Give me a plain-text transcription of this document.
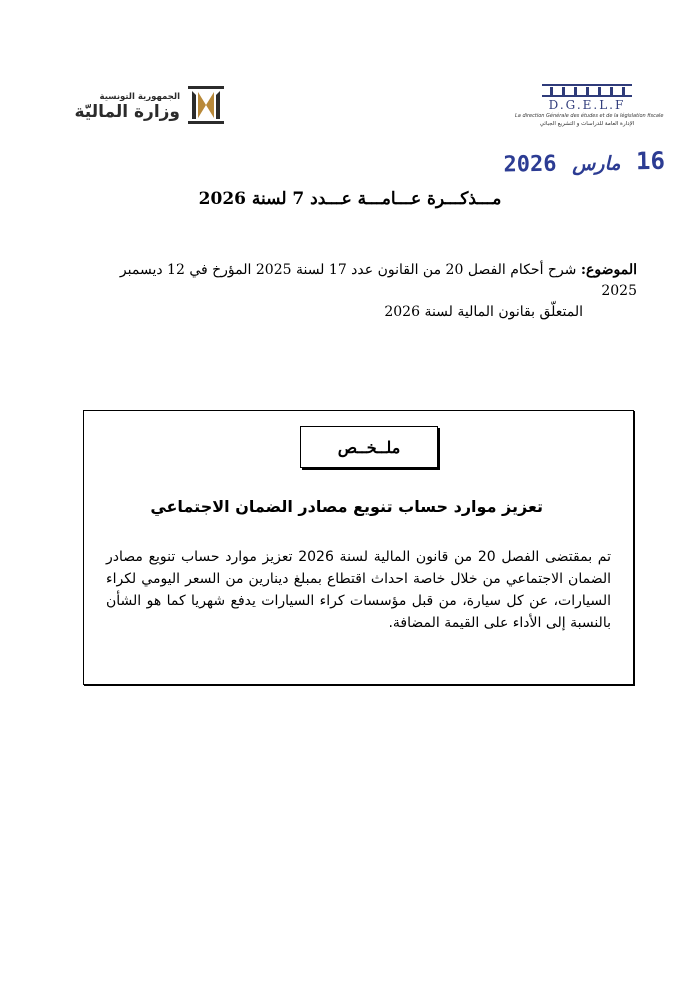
الجمهورية التونسية
وزارة الماليّة	D.G.E.L.F
La direction Générale des études et de la législation fiscale
الإدارة العامة للدراسات و التشريع الجبائي
16 مارس 2026
مـــذكـــرة عـــامـــة عـــدد 7 لسنة 2026
الموضوع: شرح أحكام الفصل 20 من القانون عدد 17 لسنة 2025 المؤرخ في 12 ديسمبر 2025
المتعلّق بقانون المالية لسنة 2026
ملــخــص
تعزيز موارد حساب تنويع مصادر الضمان الاجتماعي
تم بمقتضى الفصل 20 من قانون المالية لسنة 2026 تعزيز موارد حساب تنويع مصادر الضمان الاجتماعي من خلال خاصة احداث اقتطاع بمبلغ دينارين من السعر اليومي لكراء السيارات، عن كل سيارة، من قبل مؤسسات كراء السيارات يدفع شهريا كما هو الشأن بالنسبة إلى الأداء على القيمة المضافة.
